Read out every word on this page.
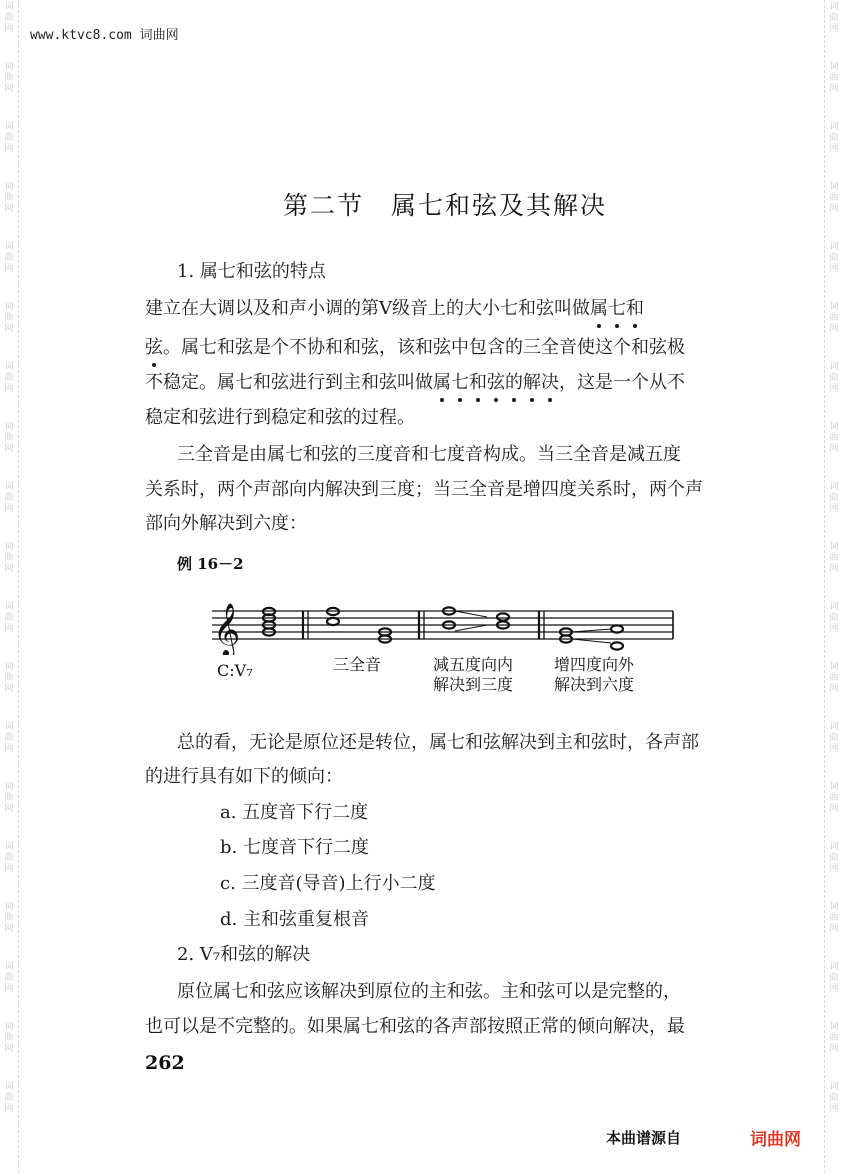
词
曲
网
词
曲
网
词
曲
网
词
曲
网
词
曲
网
词
曲
网
词
曲
网
词
曲
网
词
曲
网
词
曲
网
词
曲
网
词
曲
网
词
曲
网
词
曲
网
词
曲
网
词
曲
网
词
曲
网
词
曲
网
词
曲
网
词
曲
网
词
曲
网
词
曲
网
词
曲
网
词
曲
网
词
曲
网
词
曲
网
词
曲
网
词
曲
网
词
曲
网
词
曲
网
词
曲
网
词
曲
网
词
曲
网
词
曲
网
词
曲
网
词
曲
网
词
曲
网
词
曲
网
www.ktvc8.com 词曲网
第二节　属七和弦及其解决
1. 属七和弦的特点
建立在大调以及和声小调的第Ⅴ级音上的大小七和弦叫做属
七
和
弦
。属七和弦是个不协和和弦，该和弦中包含的三全音使这个和弦极
不稳定。属七和弦进行到主和弦叫做属
七
和
弦
的
解
决
，这是一个从不
稳定和弦进行到稳定和弦的过程。
三全音是由属七和弦的三度音和七度音构成。当三全音是减五度
关系时，两个声部向内解决到三度；当三全音是增四度关系时，两个声
部向外解决到六度：
例 16－2
𝄞
C:V₇	三全音	减五度向内
解决到三度
增四度向外
解决到六度
总的看，无论是原位还是转位，属七和弦解决到主和弦时，各声部
的进行具有如下的倾向：
a. 五度音下行二度
b. 七度音下行二度
c. 三度音(导音)上行小二度
d. 主和弦重复根音
2. V₇和弦的解决
原位属七和弦应该解决到原位的主和弦。主和弦可以是完整的，
也可以是不完整的。如果属七和弦的各声部按照正常的倾向解决，最
262
本曲谱源自	词曲网
